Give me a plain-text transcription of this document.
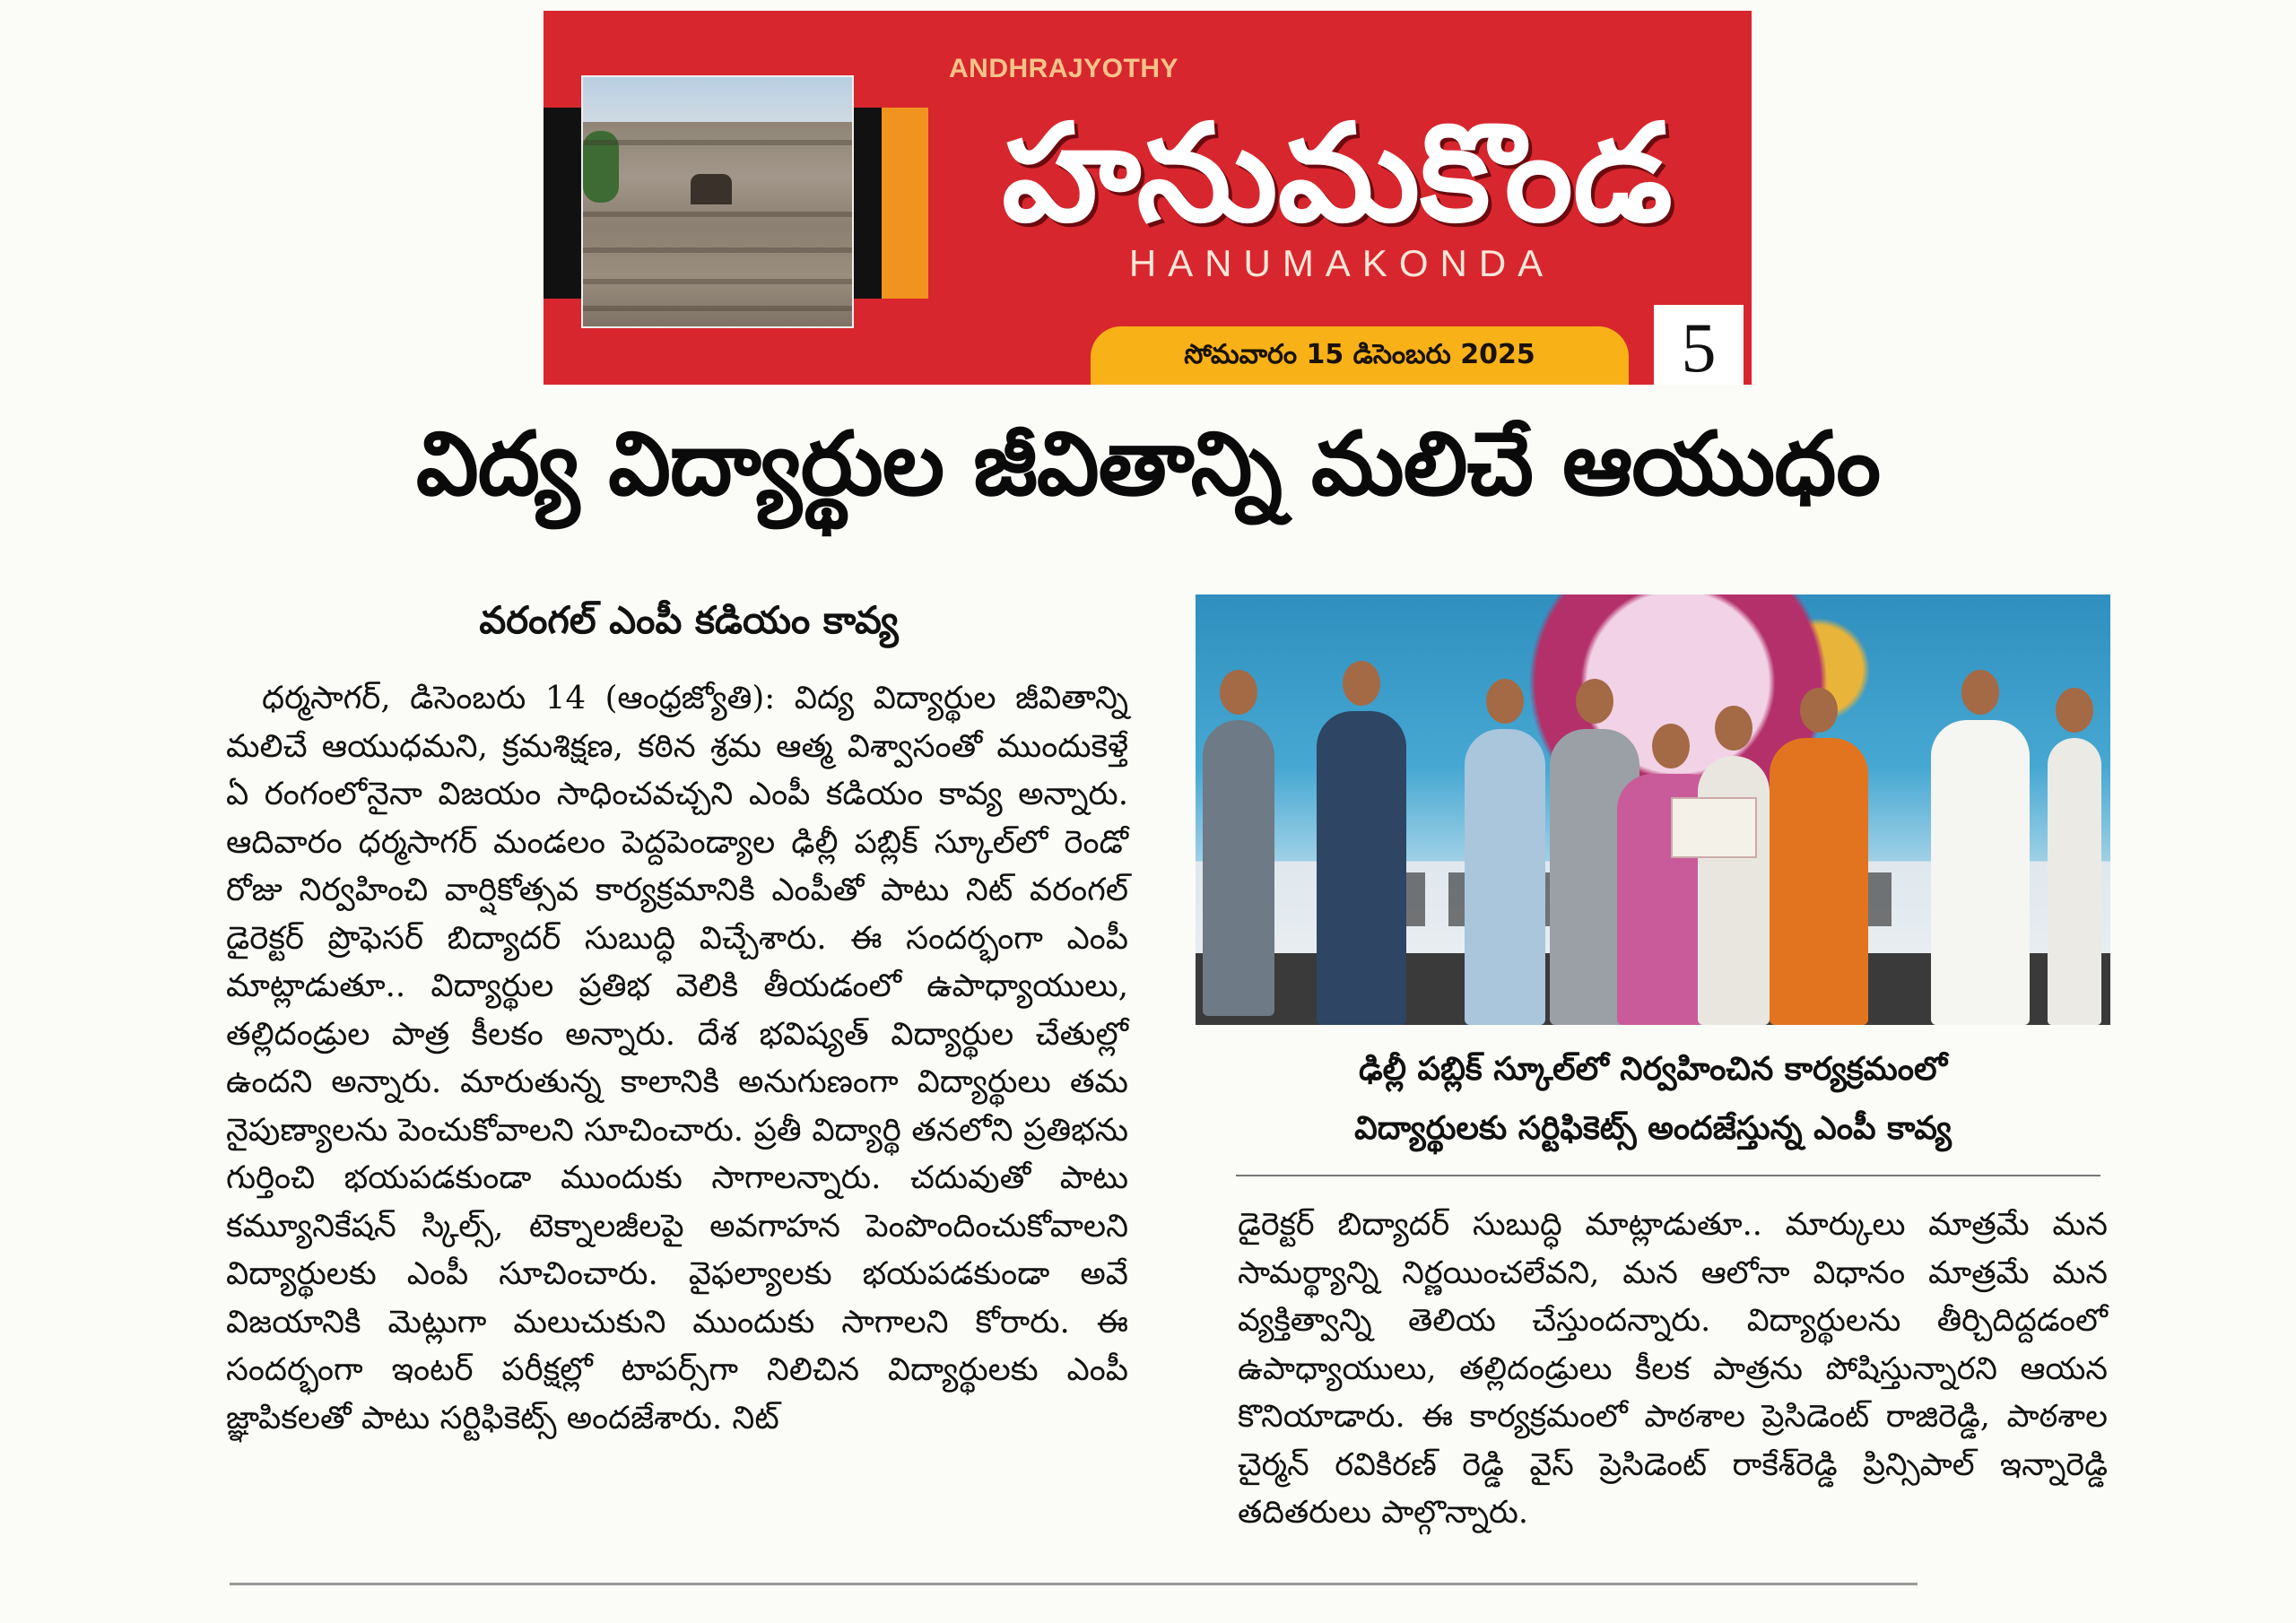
ANDHRAJYOTHY
హనుమకొండ
HANUMAKONDA
సోమవారం 15 డిసెంబరు 2025	5
విద్య విద్యార్థుల జీవితాన్ని మలిచే ఆయుధం
వరంగల్ ఎంపీ కడియం కావ్య

ధర్మసాగర్, డిసెంబరు 14 (ఆంధ్రజ్యోతి): విద్య విద్యార్థుల జీవితాన్ని మలిచే ఆయుధమని, క్రమశిక్షణ, కఠిన శ్రమ ఆత్మ విశ్వాసంతో ముందుకెళ్తే ఏ రంగంలోనైనా విజయం సాధించవచ్చని ఎంపీ కడియం కావ్య అన్నారు. ఆదివారం ధర్మసాగర్ మండలం పెద్దపెండ్యాల ఢిల్లీ పబ్లిక్ స్కూల్‌లో రెండో రోజు నిర్వహించి వార్షికోత్సవ కార్యక్రమానికి ఎంపీతో పాటు నిట్ వరంగల్ డైరెక్టర్ ప్రొఫెసర్ బిద్యాదర్ సుబుద్ధి విచ్చేశారు. ఈ సందర్భంగా ఎంపీ మాట్లాడుతూ.. విద్యార్థుల ప్రతిభ వెలికి తీయడంలో ఉపాధ్యాయులు, తల్లిదండ్రుల పాత్ర కీలకం అన్నారు. దేశ భవిష్యత్ విద్యార్థుల చేతుల్లో ఉందని అన్నారు. మారుతున్న కాలానికి అనుగుణంగా విద్యార్థులు తమ నైపుణ్యాలను పెంచుకోవాలని సూచించారు. ప్రతీ విద్యార్థి తనలోని ప్రతిభను గుర్తించి భయపడకుండా ముందుకు సాగాలన్నారు. చదువుతో పాటు కమ్యూనికేషన్ స్కిల్స్, టెక్నాలజీలపై అవగాహన పెంపొందించుకోవాలని విద్యార్థులకు ఎంపీ సూచించారు. వైఫల్యాలకు భయపడకుండా అవే విజయానికి మెట్లుగా మలుచుకుని ముందుకు సాగాలని కోరారు. ఈ సందర్భంగా ఇంటర్ పరీక్షల్లో టాపర్స్‌గా నిలిచిన విద్యార్థులకు ఎంపీ జ్ఞాపికలతో పాటు సర్టిఫికెట్స్ అందజేశారు. నిట్

ఢిల్లీ పబ్లిక్ స్కూల్‌లో నిర్వహించిన కార్యక్రమంలో
విద్యార్థులకు సర్టిఫికెట్స్ అందజేస్తున్న ఎంపీ కావ్య

డైరెక్టర్ బిద్యాదర్ సుబుద్ధి మాట్లాడుతూ.. మార్కులు మాత్రమే మన సామర్థ్యాన్ని నిర్ణయించలేవని, మన ఆలోనా విధానం మాత్రమే మన వ్యక్తిత్వాన్ని తెలియ చేస్తుందన్నారు. విద్యార్థులను తీర్చిదిద్దడంలో ఉపాధ్యాయులు, తల్లిదండ్రులు కీలక పాత్రను పోషిస్తున్నారని ఆయన కొనియాడారు. ఈ కార్యక్రమంలో పాఠశాల ప్రెసిడెంట్ రాజిరెడ్డి, పాఠశాల చైర్మన్ రవికిరణ్ రెడ్డి వైస్ ప్రెసిడెంట్ రాకేశ్‌రెడ్డి ప్రిన్సిపాల్ ఇన్నారెడ్డి తదితరులు పాల్గొన్నారు.
